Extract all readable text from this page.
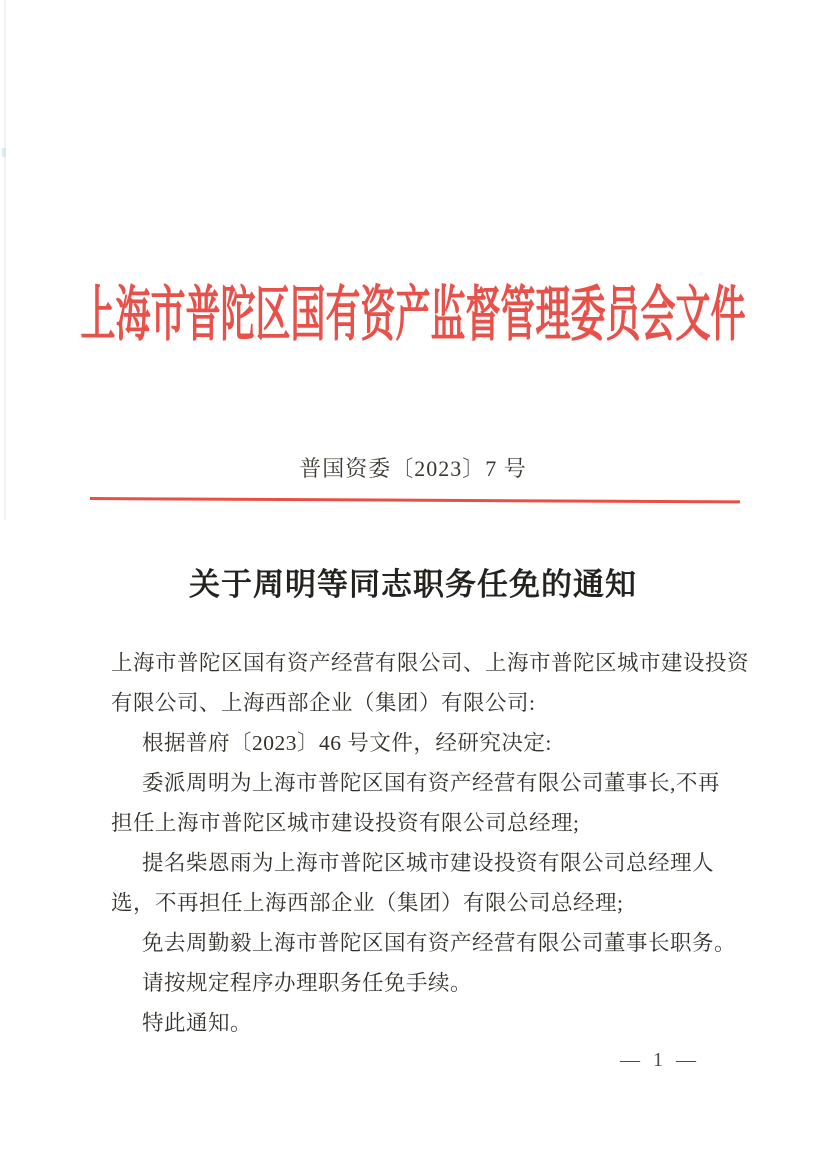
上海市普陀区国有资产监督管理委员会文件
普国资委〔2023〕7 号
关于周明等同志职务任免的通知
上海市普陀区国有资产经营有限公司、上海市普陀区城市建设投资
有限公司、上海西部企业（集团）有限公司:
根据普府〔2023〕46 号文件，经研究决定:
委派周明为上海市普陀区国有资产经营有限公司董事长,不再
担任上海市普陀区城市建设投资有限公司总经理;
提名柴恩雨为上海市普陀区城市建设投资有限公司总经理人
选，不再担任上海西部企业（集团）有限公司总经理;
免去周勤毅上海市普陀区国有资产经营有限公司董事长职务。
请按规定程序办理职务任免手续。
特此通知。
— 1 —
